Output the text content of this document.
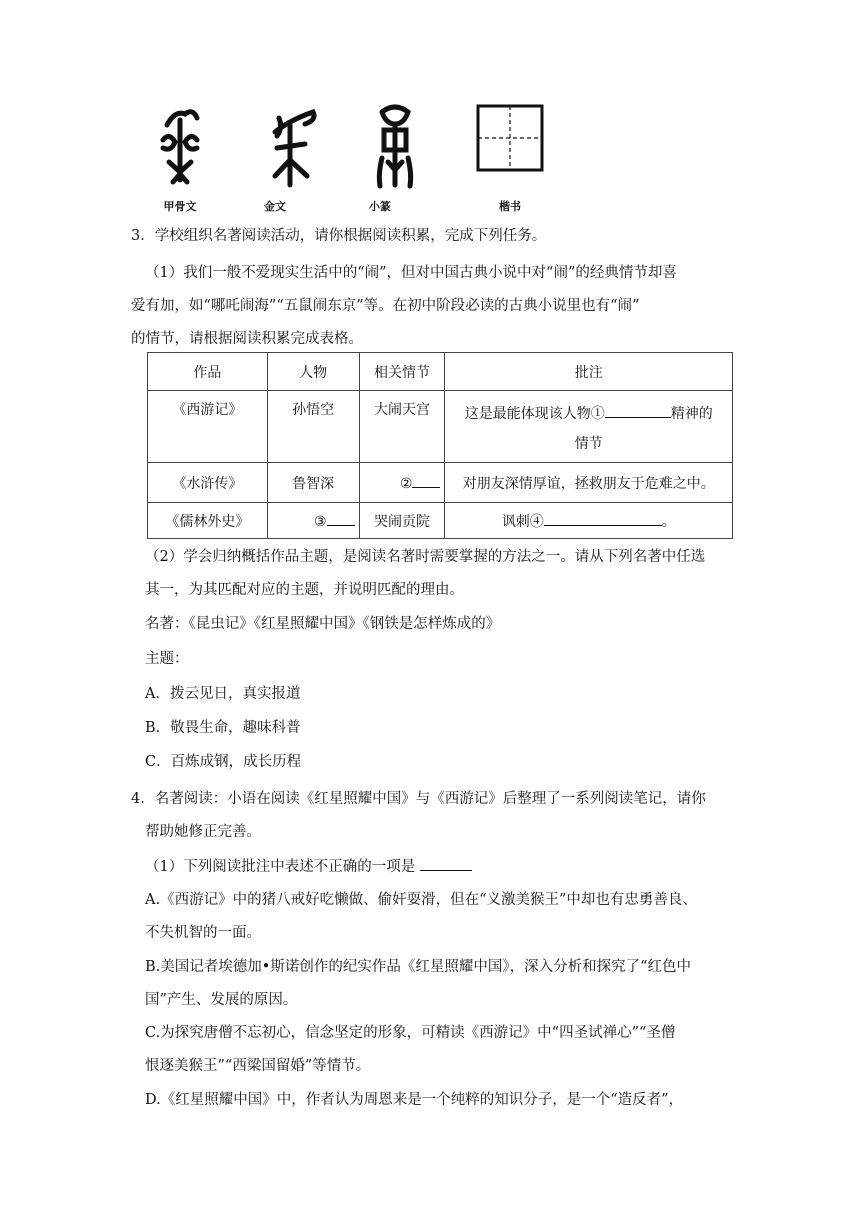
甲骨文	金文	小篆	楷书
3．学校组织名著阅读活动，请你根据阅读积累，完成下列任务。
（1）我们一般不爱现实生活中的“闹”，但对中国古典小说中对“闹”的经典情节却喜
爱有加，如“哪吒闹海”“五鼠闹东京”等。在初中阶段必读的古典小说里也有“闹”
的情节，请根据阅读积累完成表格。
作品	人物	相关情节	批注
《西游记》	孙悟空	大闹天宫	这是最能体现该人物① 精神的
情节
《水浒传》	鲁智深	②	对朋友深情厚谊，拯救朋友于危难之中。
《儒林外史》	③	哭闹贡院	讽刺④ 。
（2）学会归纳概括作品主题，是阅读名著时需要掌握的方法之一。请从下列名著中任选
其一，为其匹配对应的主题，并说明匹配的理由。
名著：《昆虫记》《红星照耀中国》《钢铁是怎样炼成的》
主题：
A．拨云见日，真实报道
B．敬畏生命，趣味科普
C．百炼成钢，成长历程
4．名著阅读：小语在阅读《红星照耀中国》与《西游记》后整理了一系列阅读笔记，请你
帮助她修正完善。
（1）下列阅读批注中表述不正确的一项是
A.《西游记》中的猪八戒好吃懒做、偷奸耍滑，但在“义激美猴王”中却也有忠勇善良、
不失机智的一面。
B.美国记者埃德加•斯诺创作的纪实作品《红星照耀中国》，深入分析和探究了“红色中
国”产生、发展的原因。
C.为探究唐僧不忘初心，信念坚定的形象，可精读《西游记》中“四圣试禅心”“圣僧
恨逐美猴王”“西梁国留婚”等情节。
D.《红星照耀中国》中，作者认为周恩来是一个纯粹的知识分子，是一个“造反者”，
